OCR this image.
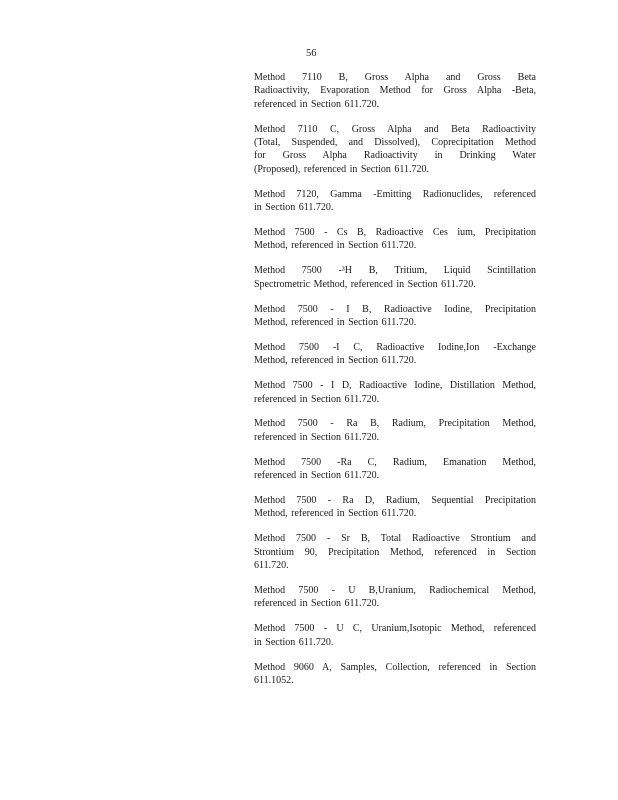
56
Method 7110 B, Gross Alpha and Gross Beta
Radioactivity, Evaporation Method for Gross Alpha -Beta,
referenced in Section 611.720.
Method 7110 C, Gross Alpha and Beta Radioactivity
(Total, Suspended, and Dissolved), Coprecipitation Method
for Gross Alpha Radioactivity in Drinking Water
(Proposed), referenced in Section 611.720.
Method 7120, Gamma -Emitting Radionuclides, referenced
in Section 611.720.
Method 7500 - Cs B, Radioactive Ces ium, Precipitation
Method, referenced in Section 611.720.
Method 7500 -³H B, Tritium, Liquid Scintillation
Spectrometric Method, referenced in Section 611.720.
Method 7500 - I B, Radioactive Iodine, Precipitation
Method, referenced in Section 611.720.
Method 7500 -I C, Radioactive Iodine,Ion -Exchange
Method, referenced in Section 611.720.
Method 7500 - I D, Radioactive Iodine, Distillation Method,
referenced in Section 611.720.
Method 7500 - Ra B, Radium, Precipitation Method,
referenced in Section 611.720.
Method 7500 -Ra C, Radium, Emanation Method,
referenced in Section 611.720.
Method 7500 - Ra D, Radium, Sequential Precipitation
Method, referenced in Section 611.720.
Method 7500 - Sr B, Total Radioactive Strontium and
Strontium 90, Precipitation Method, referenced in Section
611.720.
Method 7500 - U B,Uranium, Radiochemical Method,
referenced in Section 611.720.
Method 7500 - U C, Uranium,Isotopic Method, referenced
in Section 611.720.
Method 9060 A, Samples, Collection, referenced in Section
611.1052.
